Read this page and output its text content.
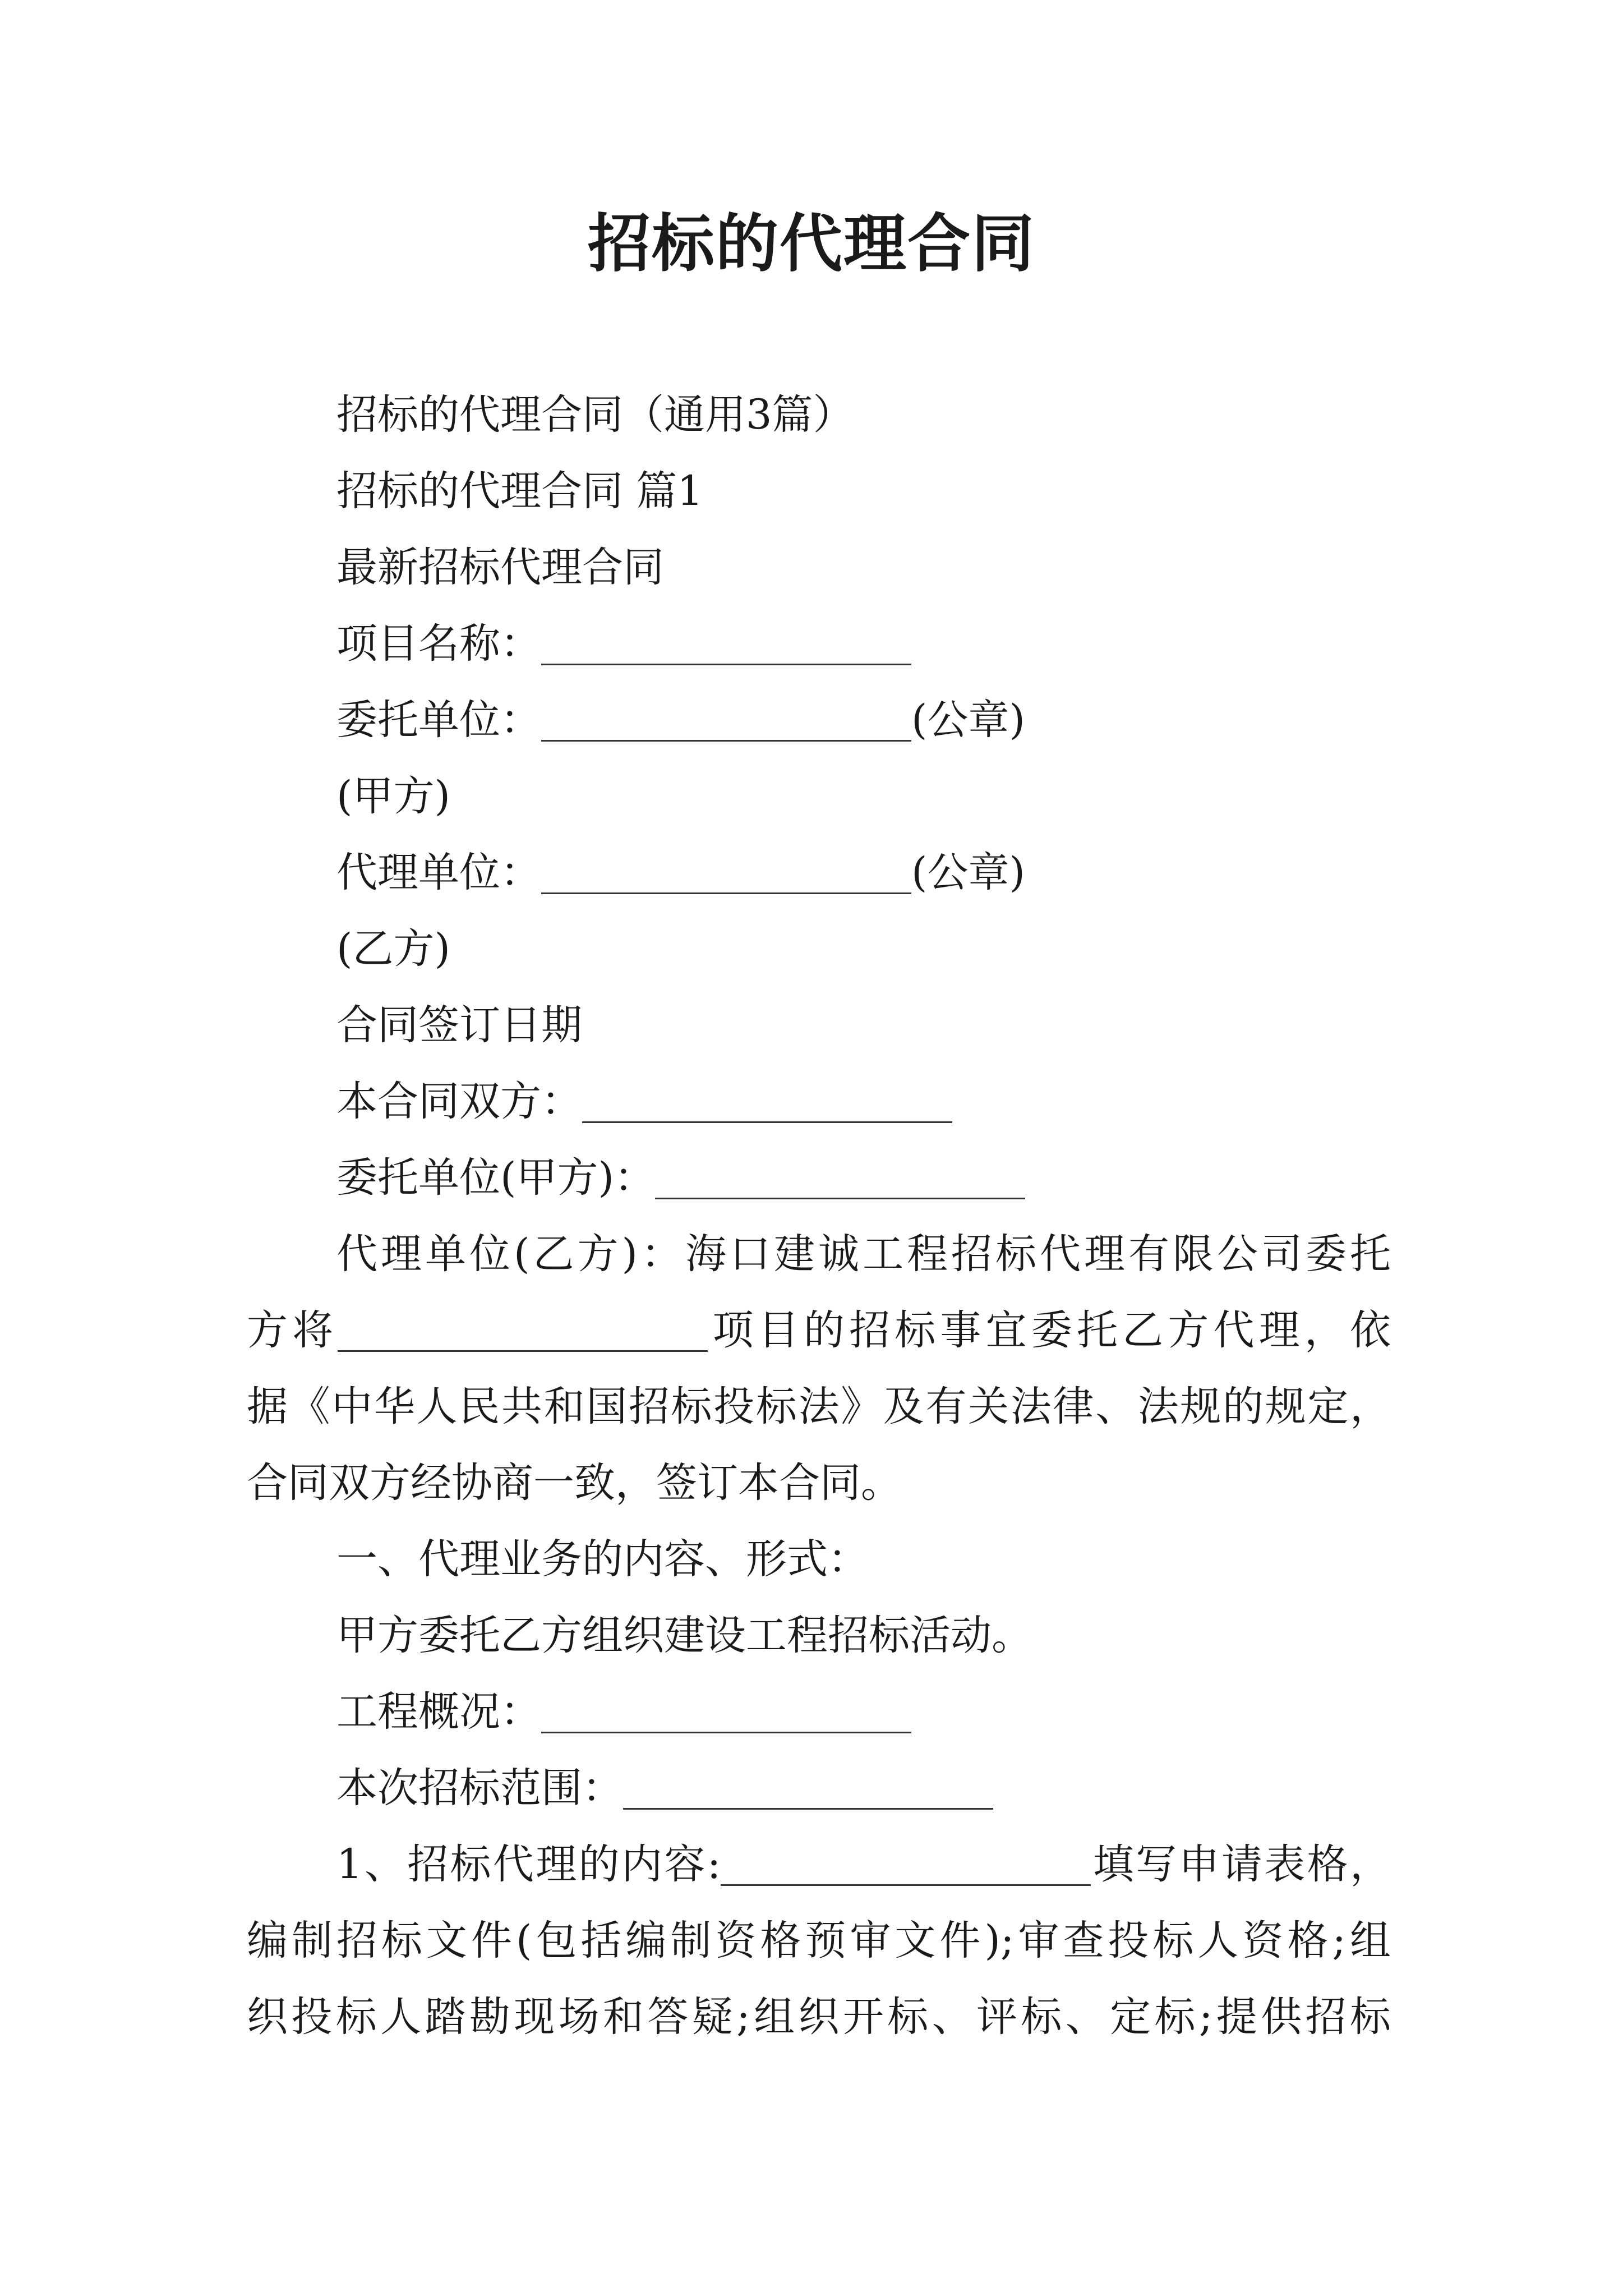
招标的代理合同
招标的代理合同（通用3篇）
招标的代理合同 篇1
最新招标代理合同
项目名称：
委托单位：	(公章)
(甲方)
代理单位：	(公章)
(乙方)
合同签订日期
本合同双方：
委托单位(甲方)：
代理单位(乙方)：海口建诚工程招标代理有限公司委托
方将	项目的招标事宜委托乙方代理，依
据《中华人民共和国招标投标法》及有关法律、法规的规定，
合同双方经协商一致，签订本合同。
一、代理业务的内容、形式：
甲方委托乙方组织建设工程招标活动。
工程概况：
本次招标范围：
1、招标代理的内容:	填写申请表格，
编制招标文件(包括编制资格预审文件);审查投标人资格;组
织投标人踏勘现场和答疑;组织开标、评标、定标;提供招标
